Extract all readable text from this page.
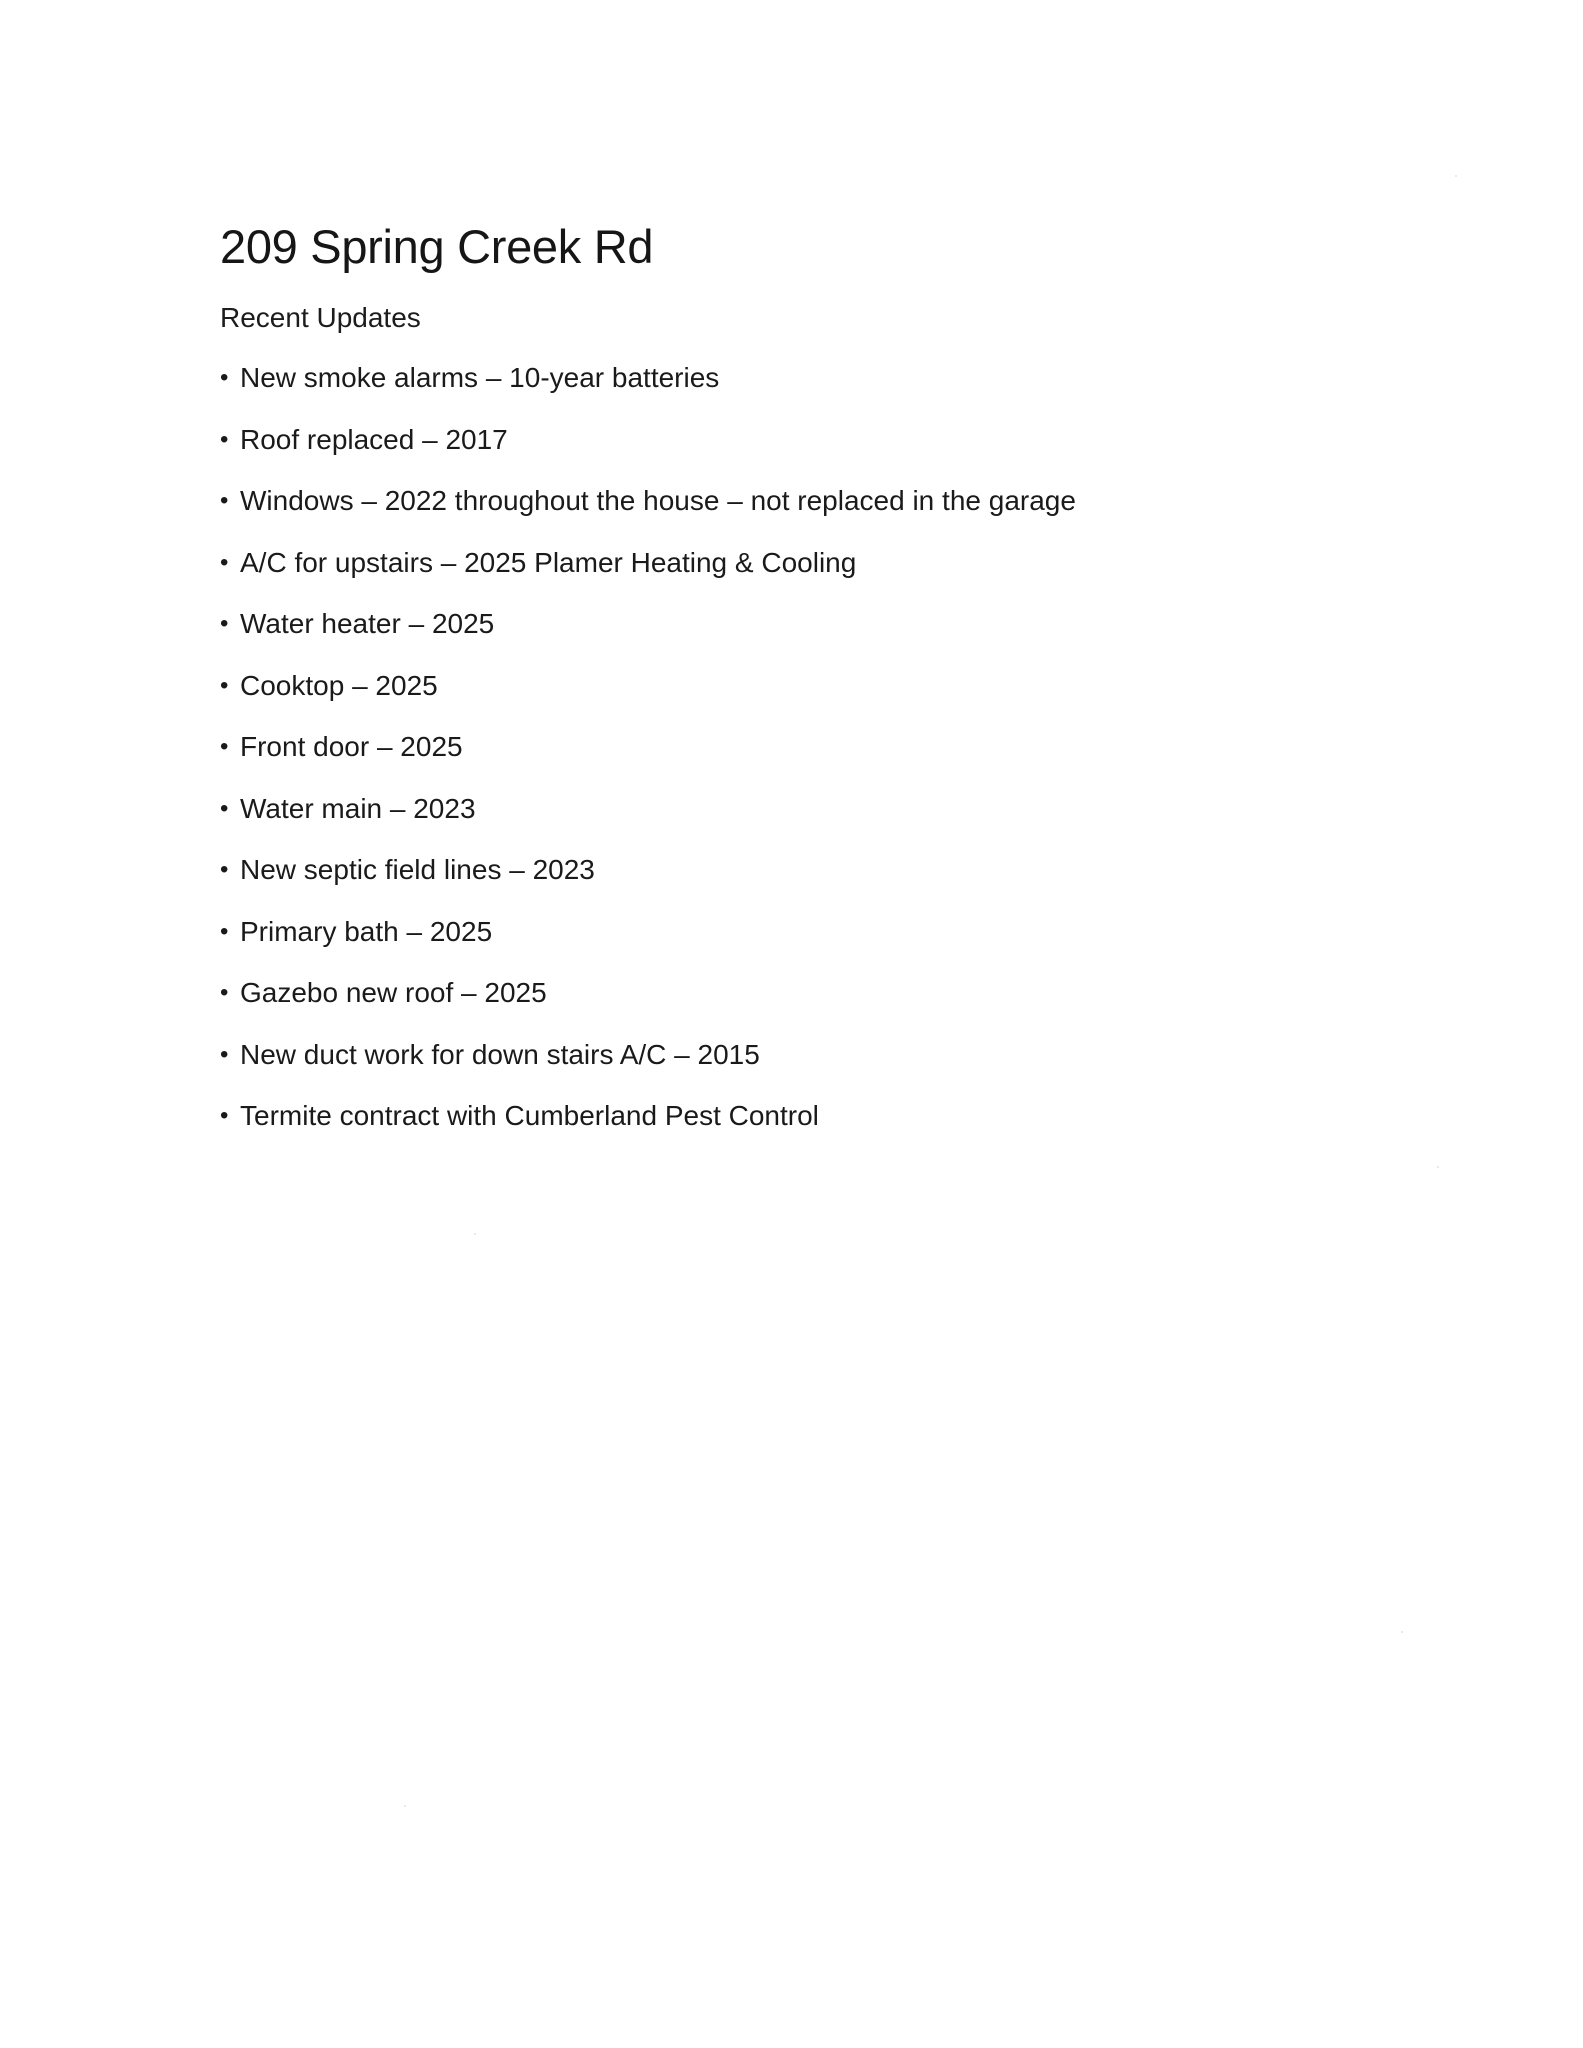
209 Spring Creek Rd

Recent Updates

• New smoke alarms – 10-year batteries
• Roof replaced – 2017
• Windows – 2022 throughout the house – not replaced in the garage
• A/C for upstairs – 2025 Plamer Heating & Cooling
• Water heater – 2025
• Cooktop – 2025
• Front door – 2025
• Water main – 2023
• New septic field lines – 2023
• Primary bath – 2025
• Gazebo new roof – 2025
• New duct work for down stairs A/C – 2015
• Termite contract with Cumberland Pest Control
